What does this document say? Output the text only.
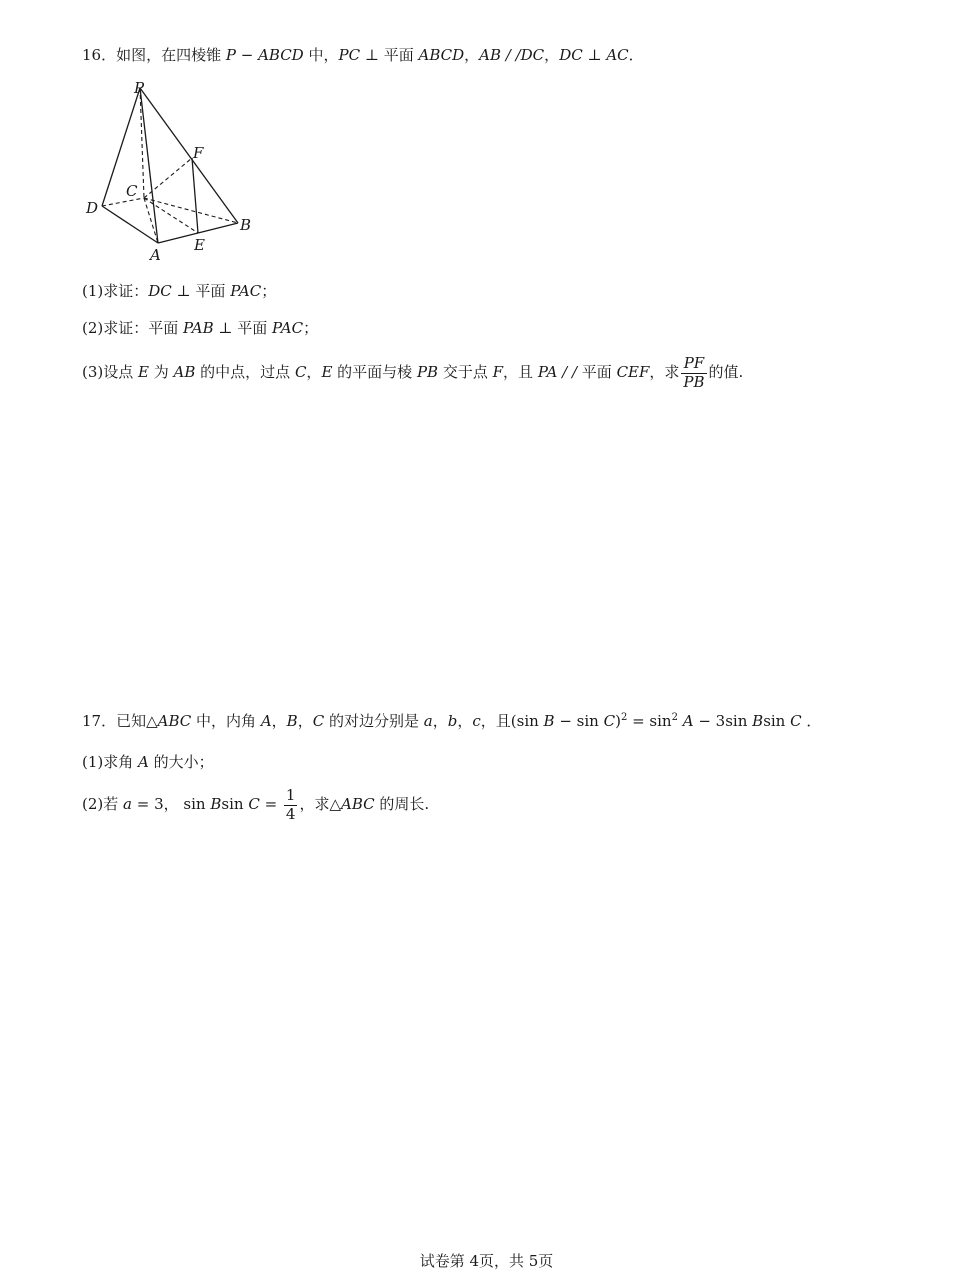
16．如图，在四棱锥 P − ABCD 中，PC ⊥ 平面 ABCD，AB / /DC，DC ⊥ AC．
P
F
C
D
B
E
A
(1)求证：DC ⊥ 平面 PAC；
(2)求证：平面 PAB ⊥ 平面 PAC；
(3)设点 E 为 AB 的中点，过点 C，E 的平面与棱 PB 交于点 F，且 PA / / 平面 CEF，求 $\frac{PF}{PB}$ 的值.
17．已知△ABC 中，内角 A，B，C 的对边分别是 a，b，c，且(sin $B - \sin C)^2 = \sin^2 A - 3\sin$ Bsin C ．
(1)求角 A 的大小；
(2)若 a = 3， sin Bsin $C = \frac{1}{4}$ ，求△ABC 的周长.
试卷第 4页，共 5页
